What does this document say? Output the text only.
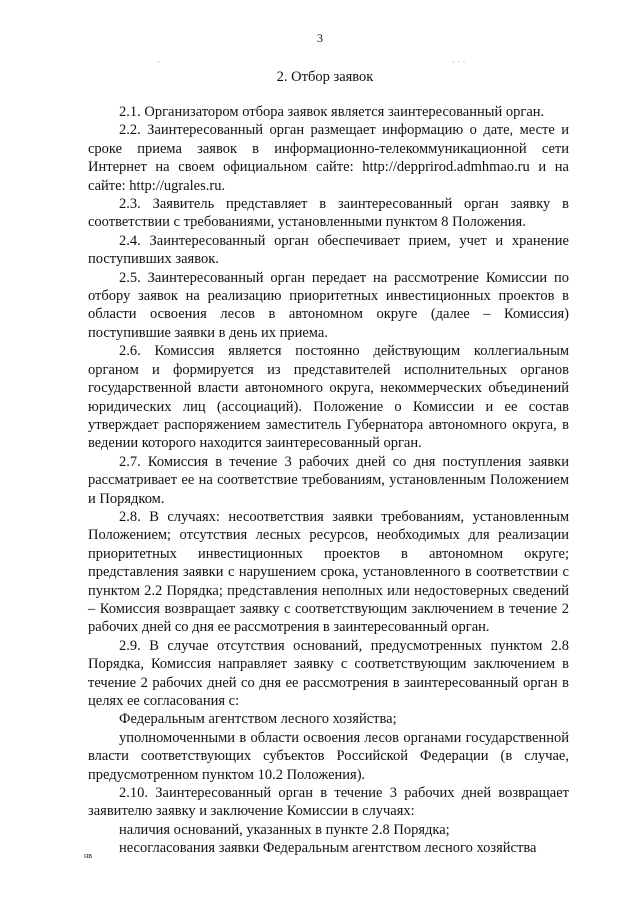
3
·	· · ·
2. Отбор заявок

2.1. Организатором отбора заявок является заинтересованный орган.

2.2. Заинтересованный орган размещает информацию о дате, месте и сроке приема заявок в информационно-телекоммуникационной сети Интернет на своем официальном сайте: http://depprirod.admhmao.ru и на сайте: http://ugrales.ru.

2.3. Заявитель представляет в заинтересованный орган заявку в соответствии с требованиями, установленными пунктом 8 Положения.

2.4. Заинтересованный орган обеспечивает прием, учет и хранение поступивших заявок.

2.5. Заинтересованный орган передает на рассмотрение Комиссии по отбору заявок на реализацию приоритетных инвестиционных проектов в области освоения лесов в автономном округе (далее – Комиссия) поступившие заявки в день их приема.

2.6. Комиссия является постоянно действующим коллегиальным органом и формируется из представителей исполнительных органов государственной власти автономного округа, некоммерческих объединений юридических лиц (ассоциаций). Положение о Комиссии и ее состав утверждает распоряжением заместитель Губернатора автономного округа, в ведении которого находится заинтересованный орган.

2.7. Комиссия в течение 3 рабочих дней со дня поступления заявки рассматривает ее на соответствие требованиям, установленным Положением и Порядком.

2.8. В случаях: несоответствия заявки требованиям, установленным Положением; отсутствия лесных ресурсов, необходимых для реализации приоритетных инвестиционных проектов в автономном округе; представления заявки с нарушением срока, установленного в соответствии с пунктом 2.2 Порядка; представления неполных или недостоверных сведений – Комиссия возвращает заявку с соответствующим заключением в течение 2 рабочих дней со дня ее рассмотрения в заинтересованный орган.

2.9. В случае отсутствия оснований, предусмотренных пунктом 2.8 Порядка, Комиссия направляет заявку с соответствующим заключением в течение 2 рабочих дней со дня ее рассмотрения в заинтересованный орган в целях ее согласования с:

Федеральным агентством лесного хозяйства;

уполномоченными в области освоения лесов органами государственной власти соответствующих субъектов Российской Федерации (в случае, предусмотренном пунктом 10.2 Положения).

2.10. Заинтересованный орган в течение 3 рабочих дней возвращает заявителю заявку и заключение Комиссии в случаях:

наличия оснований, указанных в пункте 2.8 Порядка;

несогласования заявки Федеральным агентством лесного хозяйства

нв
